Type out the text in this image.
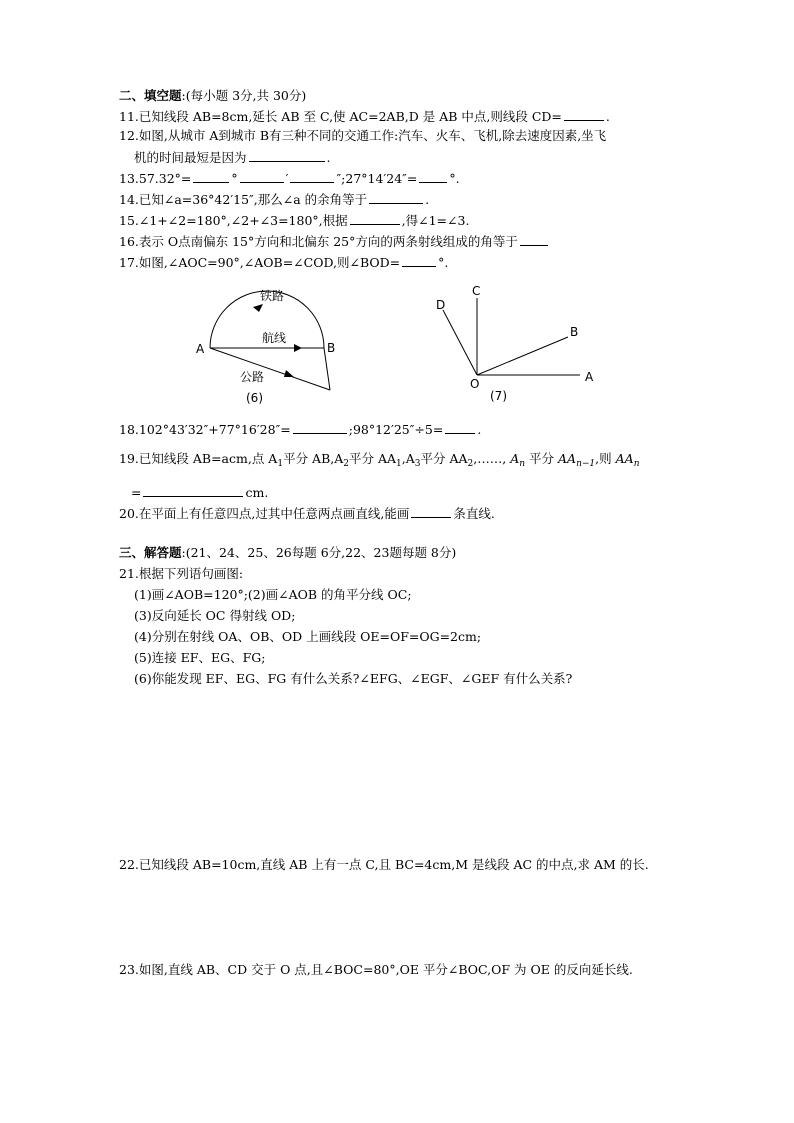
二、填空题:(每小题 3分,共 30分)
11.已知线段 AB=8cm,延长 AB 至 C,使 AC=2AB,D 是 AB 中点,则线段 CD=	.
12.如图,从城市 A到城市 B有三种不同的交通工作:汽车、火车、飞机,除去速度因素,坐飞
机的时间最短是因为	.
13.57.32°=	°	′	″;27°14′24″=	°.
14.已知∠a=36°42′15″,那么∠a 的余角等于	.
15.∠1+∠2=180°,∠2+∠3=180°,根据	,得∠1=∠3.
16.表示 O点南偏东 15°方向和北偏东 25°方向的两条射线组成的角等于
17.如图,∠AOC=90°,∠AOB=∠COD,则∠BOD=	°.
铁路
航线
公路
A	B
(6)
C
D
B
O	A
(7)
18.102°43′32″+77°16′28″=	;98°12′25″÷5=	.
19.已知线段 AB=acm,点 $A_1$平分 $AB,A_2$平分 $AA_1,A_3$平分 $AA_2,\dots\dots$, $A_n$ 平分 $AA_{n-1}$,则 $AA_n$
=	cm.
20.在平面上有任意四点,过其中任意两点画直线,能画	条直线.
三、解答题:(21、24、25、26每题 6分,22、23题每题 8分)
21.根据下列语句画图:
(1)画∠AOB=120°;(2)画∠AOB 的角平分线 OC;
(3)反向延长 OC 得射线 OD;
(4)分别在射线 OA、OB、OD 上画线段 OE=OF=OG=2cm;
(5)连接 EF、EG、FG;
(6)你能发现 EF、EG、FG 有什么关系?∠EFG、∠EGF、∠GEF 有什么关系?
22.已知线段 AB=10cm,直线 AB 上有一点 C,且 BC=4cm,M 是线段 AC 的中点,求 AM 的长.
23.如图,直线 AB、CD 交于 O 点,且∠BOC=80°,OE 平分∠BOC,OF 为 OE 的反向延长线.
